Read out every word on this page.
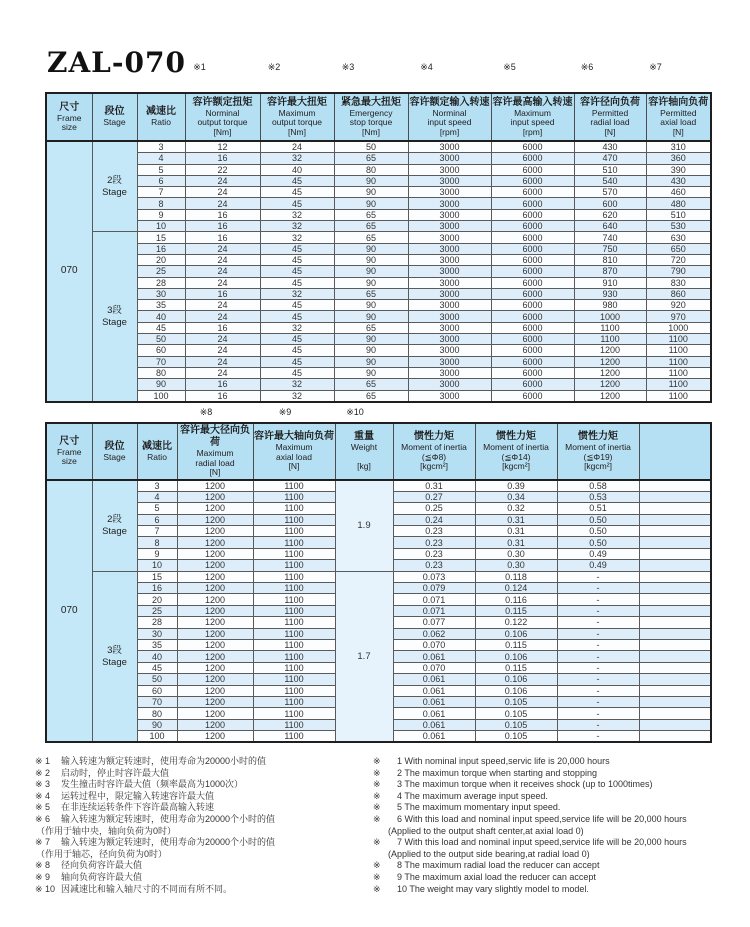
ZAL-070
			※1	※2	※3	※4	※5	※6	※7
尺寸
Frame
size	段位
Stage	减速比
Ratio	容许额定扭矩
Norminal
output torque
[Nm]	容许最大扭矩
Maximum
output torque
[Nm]	紧急最大扭矩
Emergency
stop torque
[Nm]	容许额定输入转速
Norminal
input speed
[rpm]	容许最高输入转速
Maximum
input speed
[rpm]	容许径向负荷
Permitted
radial load
[N]	容许轴向负荷
Permitted
axial load
[N]

070	2段
Stage	3	12	24	50	3000	6000	430	310
		4	16	32	65	3000	6000	470	360
		5	22	40	80	3000	6000	510	390
		6	24	45	90	3000	6000	540	430
		7	24	45	90	3000	6000	570	460
		8	24	45	90	3000	6000	600	480
		9	16	32	65	3000	6000	620	510
		10	16	32	65	3000	6000	640	530
	3段
Stage	15	16	32	65	3000	6000	740	630
		16	24	45	90	3000	6000	750	650
		20	24	45	90	3000	6000	810	720
		25	24	45	90	3000	6000	870	790
		28	24	45	90	3000	6000	910	830
		30	16	32	65	3000	6000	930	860
		35	24	45	90	3000	6000	980	920
		40	24	45	90	3000	6000	1000	970
		45	16	32	65	3000	6000	1100	1000
		50	24	45	90	3000	6000	1100	1100
		60	24	45	90	3000	6000	1200	1100
		70	24	45	90	3000	6000	1200	1100
		80	24	45	90	3000	6000	1200	1100
		90	16	32	65	3000	6000	1200	1100
		100	16	32	65	3000	6000	1200	1100
			※8	※9	※10				
尺寸
Frame
size	段位
Stage	减速比
Ratio	容许最大径向负荷
Maximum
radial load
[N]	容许最大轴向负荷
Maximum
axial load
[N]	重量
Weight

[kg]	惯性力矩
Moment of inertia
(≦Φ8)
[kgcm²]	惯性力矩
Moment of inertia
(≦Φ14)
[kgcm²]	惯性力矩
Moment of inertia
(≦Φ19)
[kgcm²]	

070	2段
Stage	3	1200	1100	1.9	0.31	0.39	0.58	
		4	1200	1100		0.27	0.34	0.53	
		5	1200	1100		0.25	0.32	0.51	
		6	1200	1100		0.24	0.31	0.50	
		7	1200	1100		0.23	0.31	0.50	
		8	1200	1100		0.23	0.31	0.50	
		9	1200	1100		0.23	0.30	0.49	
		10	1200	1100		0.23	0.30	0.49	
	3段
Stage	15	1200	1100	1.7	0.073	0.118	-	
		16	1200	1100		0.079	0.124	-	
		20	1200	1100		0.071	0.116	-	
		25	1200	1100		0.071	0.115	-	
		28	1200	1100		0.077	0.122	-	
		30	1200	1100		0.062	0.106	-	
		35	1200	1100		0.070	0.115	-	
		40	1200	1100		0.061	0.106	-	
		45	1200	1100		0.070	0.115	-	
		50	1200	1100		0.061	0.106	-	
		60	1200	1100		0.061	0.106	-	
		70	1200	1100		0.061	0.105	-	
		80	1200	1100		0.061	0.105	-	
		90	1200	1100		0.061	0.105	-	
		100	1200	1100		0.061	0.105	-	
※ 1 输入转速为额定转速时，使用寿命为20000小时的值
※ 2 启动时，停止时容许最大值
※ 3 发生撞击时容许最大值（频率最高为1000次）
※ 4 运转过程中，限定输入转速容许最大值
※ 5 在非连续运转条件下容许最高输入转速
※ 6 输入转速为额定转速时，使用寿命为20000个小时的值
（作用于轴中央，轴向负荷为0时）
※ 7 输入转速为额定转速时，使用寿命为20000个小时的值
（作用于轴芯，径向负荷为0时）
※ 8 径向负荷容许最大值
※ 9 轴向负荷容许最大值
※ 10 因减速比和输入轴尺寸的不同而有所不同。
※ 1 With nominal input speed,servic life is 20,000 hours
※ 2 The maximun torque when starting and stopping
※ 3 The maximun torque when it receives shock (up to 1000times)
※ 4 The maximum average input speed.
※ 5 The maximum momentary input speed.
※ 6 With this load and nominal input speed,service life will be 20,000 hours
(Applied to the output shaft center,at axial load 0)
※ 7 With this load and nominal input speed,service life will be 20,000 hours
(Applied to the output side bearing,at radial load 0)
※ 8 The maximum radial load the reducer can accept
※ 9 The maximum axial load the reducer can accept
※ 10 The weight may vary slightly model to model.
